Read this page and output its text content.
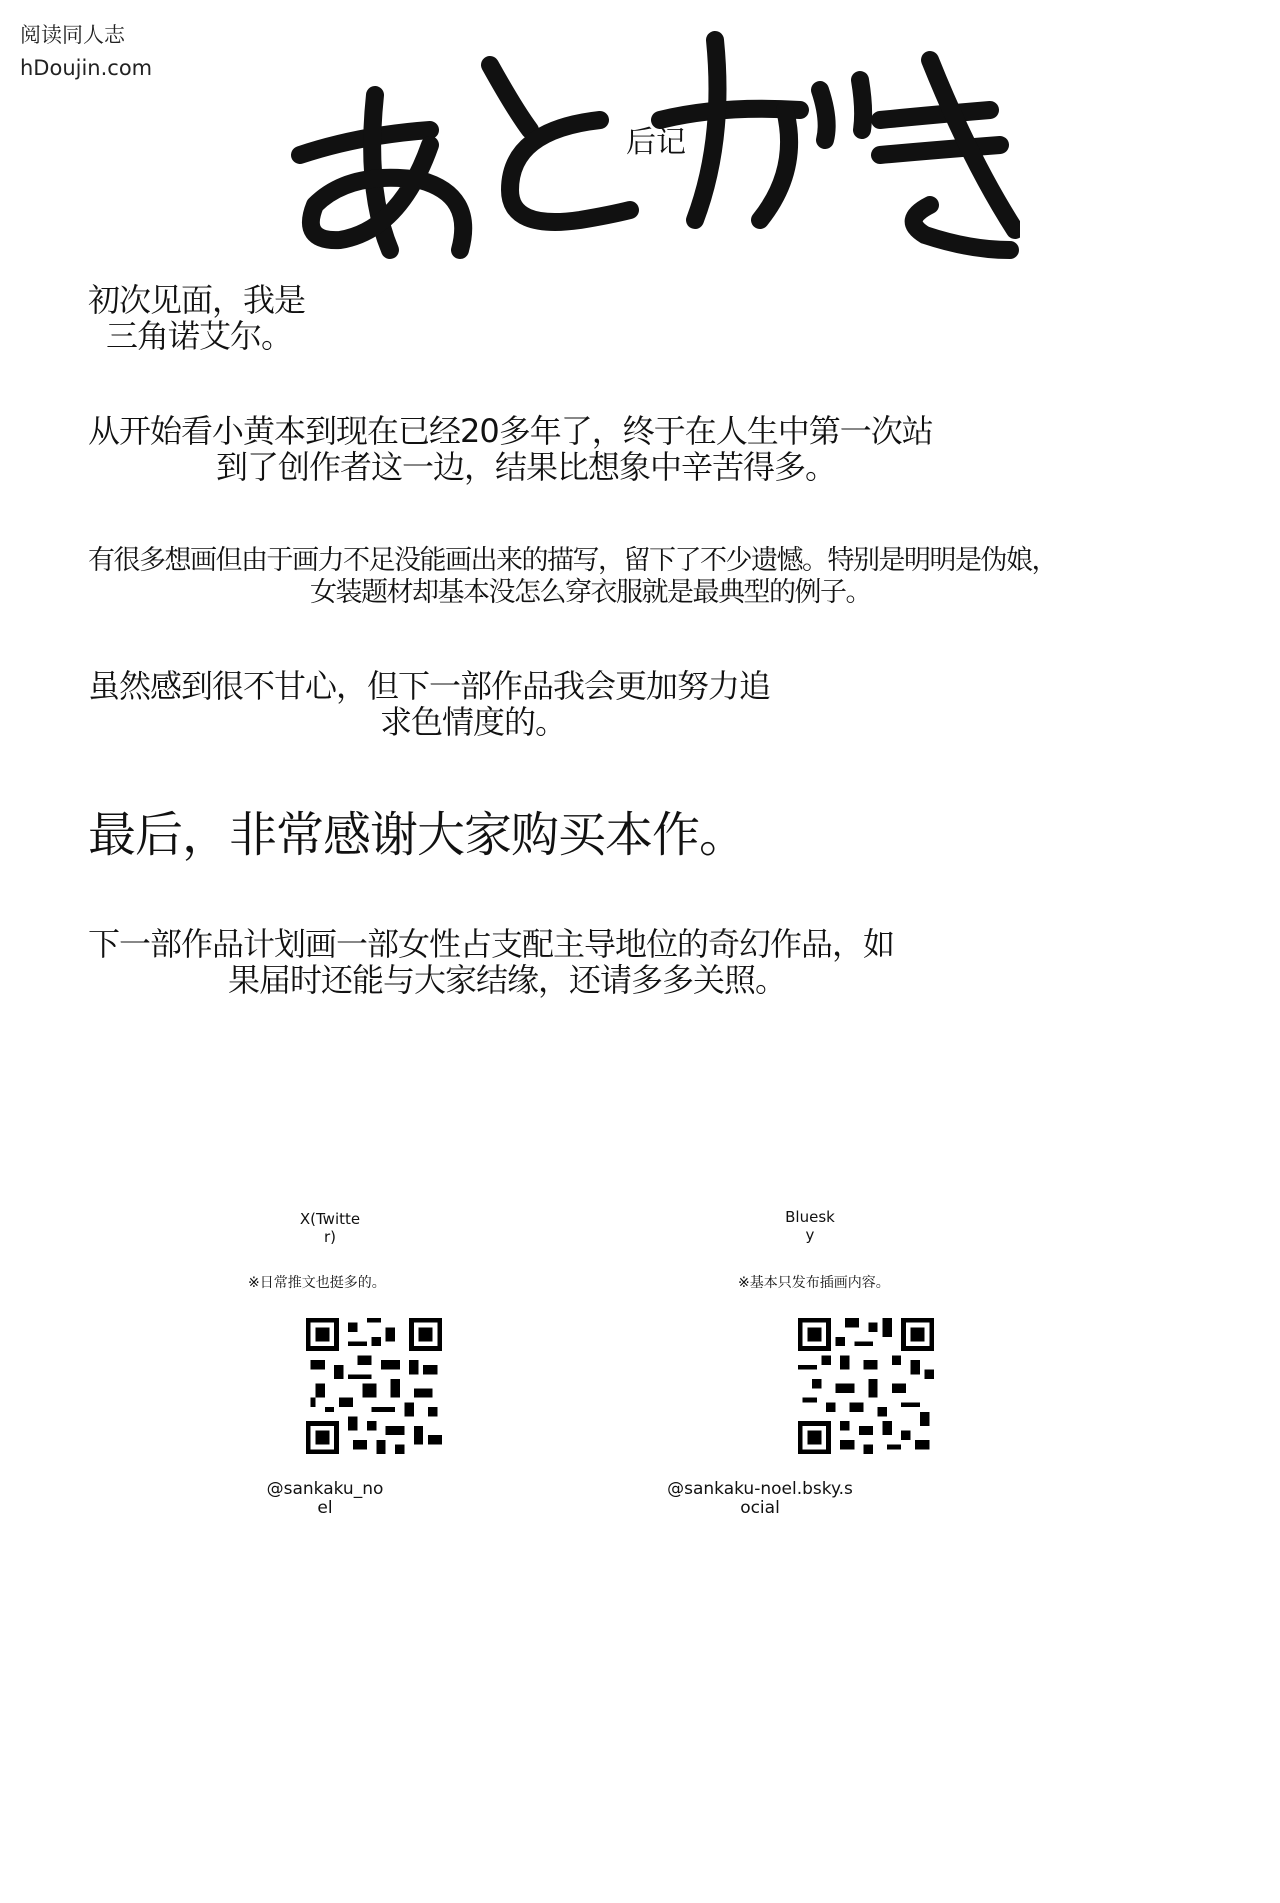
阅读同人志
hDoujin.com
后记
初次见面，我是
三角诺艾尔。
从开始看小黄本到现在已经20多年了，终于在人生中第一次站
到了创作者这一边，结果比想象中辛苦得多。
有很多想画但由于画力不足没能画出来的描写，留下了不少遗憾。特别是明明是伪娘，
女装题材却基本没怎么穿衣服就是最典型的例子。
虽然感到很不甘心，但下一部作品我会更加努力追
求色情度的。
最后，非常感谢大家购买本作。
下一部作品计划画一部女性占支配主导地位的奇幻作品，如
果届时还能与大家结缘，还请多多关照。
X(Twitte
r)
※日常推文也挺多的。
@sankaku_no
el
Bluesk
y
※基本只发布插画内容。
@sankaku-noel.bsky.s
ocial
